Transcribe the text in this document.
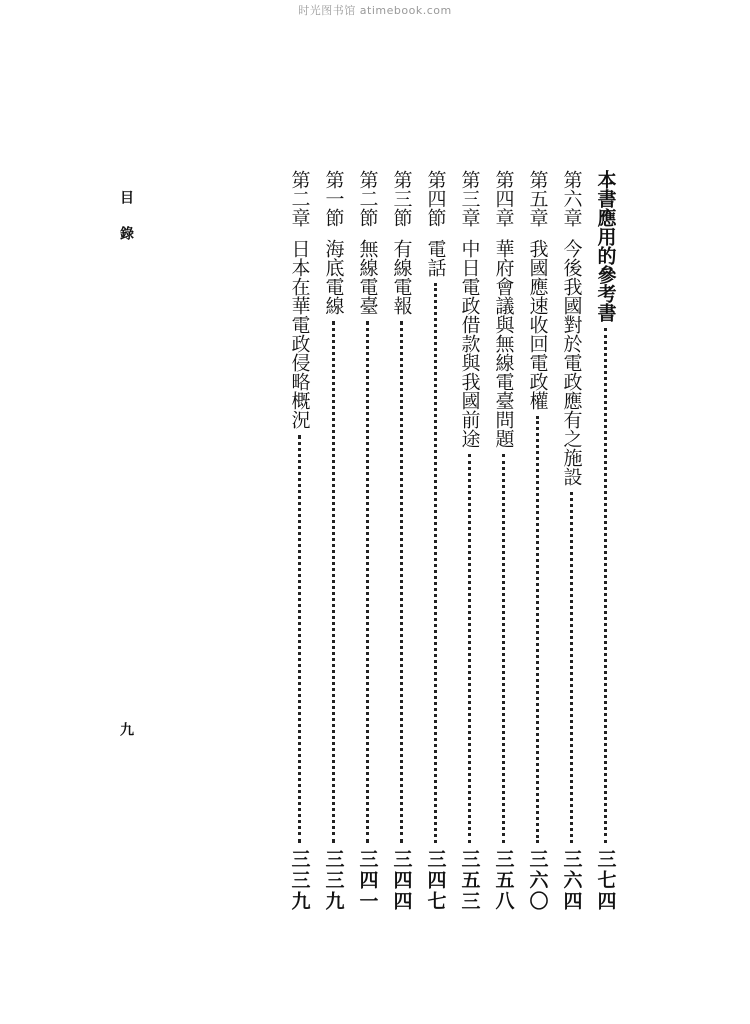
时光图书馆 atimebook.com
目錄
九
第二章日本在華電政侵略概況
三三九
第一節海底電線
三三九
第二節無線電臺
三四一
第三節有線電報
三四四
第四節電話
三四七
第三章中日電政借款與我國前途
三五三
第四章華府會議與無線電臺問題
三五八
第五章我國應速收回電政權
三六〇
第六章今後我國對於電政應有之施設
三六四
本書應用的參考書
三七四
